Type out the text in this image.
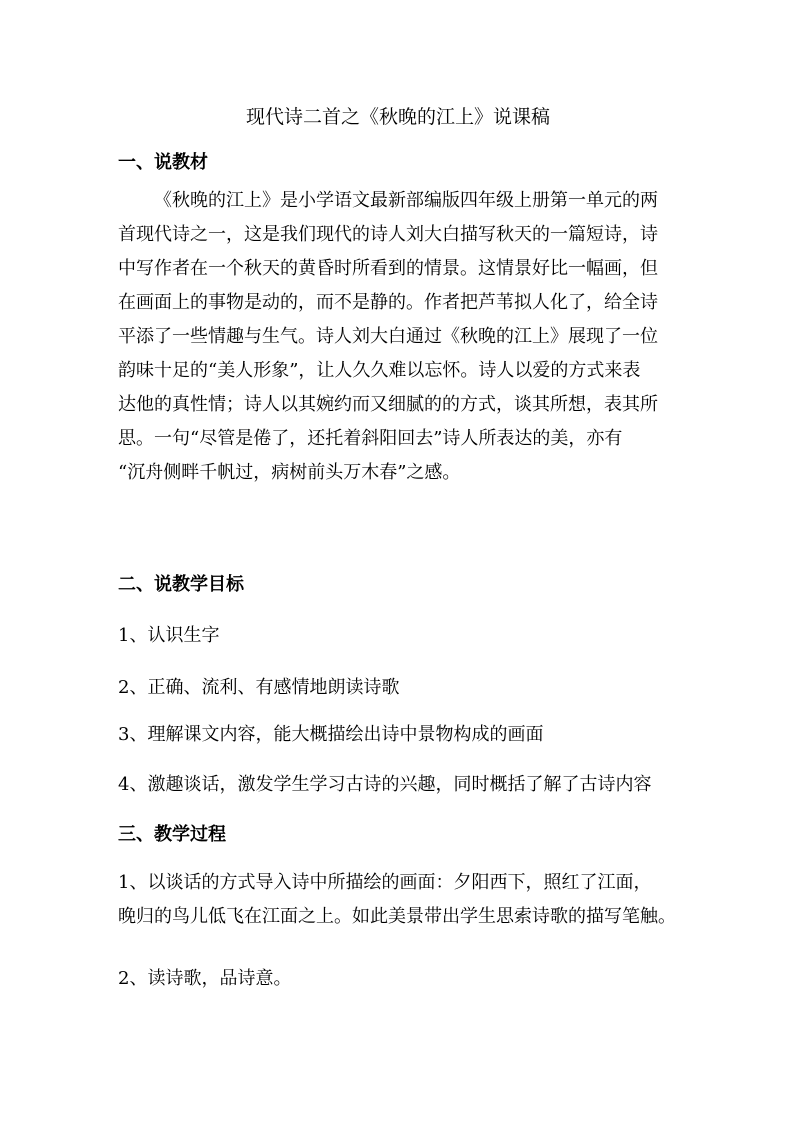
现代诗二首之《秋晚的江上》说课稿
一、说教材
《秋晚的江上》是小学语文最新部编版四年级上册第一单元的两
首现代诗之一，这是我们现代的诗人刘大白描写秋天的一篇短诗，诗
中写作者在一个秋天的黄昏时所看到的情景。这情景好比一幅画，但
在画面上的事物是动的，而不是静的。作者把芦苇拟人化了，给全诗
平添了一些情趣与生气。诗人刘大白通过《秋晚的江上》展现了一位
韵味十足的“美人形象”，让人久久难以忘怀。诗人以爱的方式来表
达他的真性情；诗人以其婉约而又细腻的的方式，谈其所想，表其所
思。一句“尽管是倦了，还托着斜阳回去”诗人所表达的美，亦有
“沉舟侧畔千帆过，病树前头万木春”之感。
二、说教学目标
1、认识生字
2、正确、流利、有感情地朗读诗歌
3、理解课文内容，能大概描绘出诗中景物构成的画面
4、激趣谈话，激发学生学习古诗的兴趣，同时概括了解了古诗内容
三、教学过程
1、以谈话的方式导入诗中所描绘的画面：夕阳西下，照红了江面，
晚归的鸟儿低飞在江面之上。如此美景带出学生思索诗歌的描写笔触。
2、读诗歌，品诗意。
